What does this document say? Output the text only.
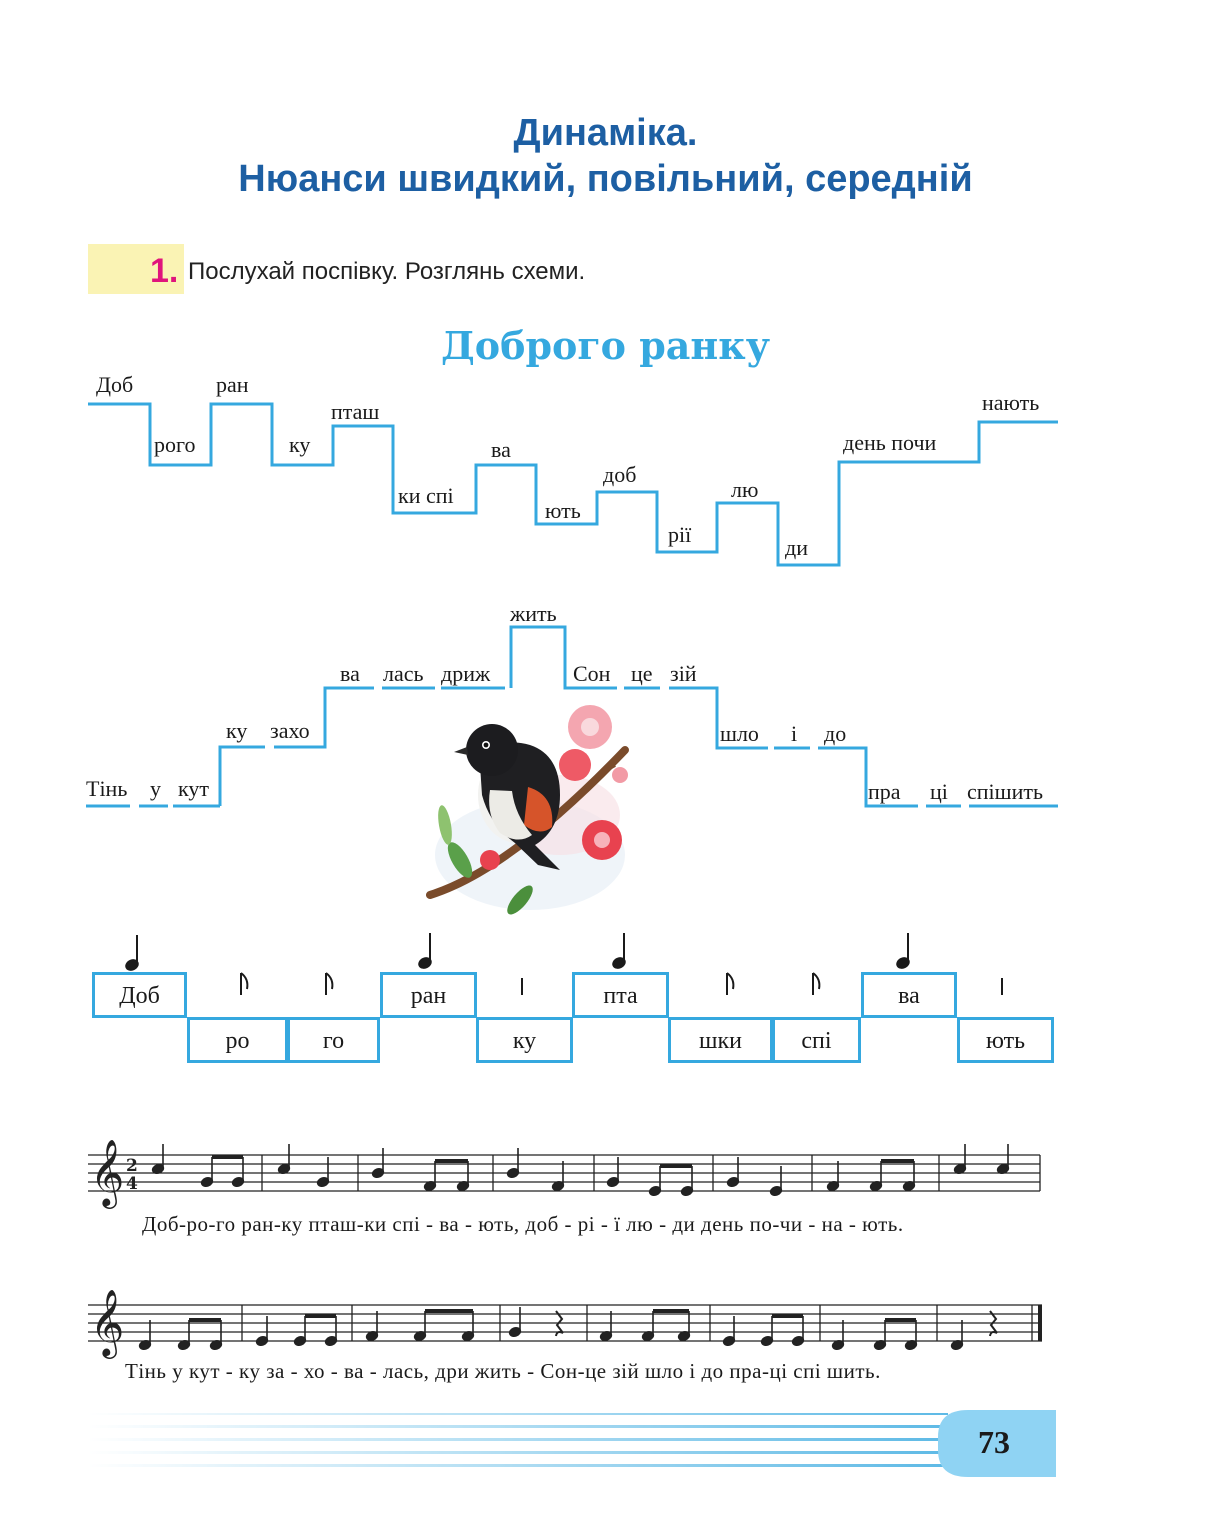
Динаміка.
Нюанси швидкий, повільний, середній
1. Послухай поспівку. Розглянь схеми.
Доброго ранку
Доб
рого
ран
ку
пташ
ки спі
ва
ють
доб
рії
лю
ди
день почи
нають
Тінь у кут
ку захо
ва лась дриж
жить
Сон це зій
шло і до
пра ці спішить
Доб	ран	пта	ва
ро	го	ку	шки	спі	ють
𝄞 2
4
Доб-ро-го ран-ку пташ-ки спі - ва - ють, доб - рі - ї лю - ди день по-чи - на - ють.
𝄞
Тінь у кут - ку за - хо - ва - лась, дри жить - Сон-це зій шло і до пра-ці спі шить.
73
